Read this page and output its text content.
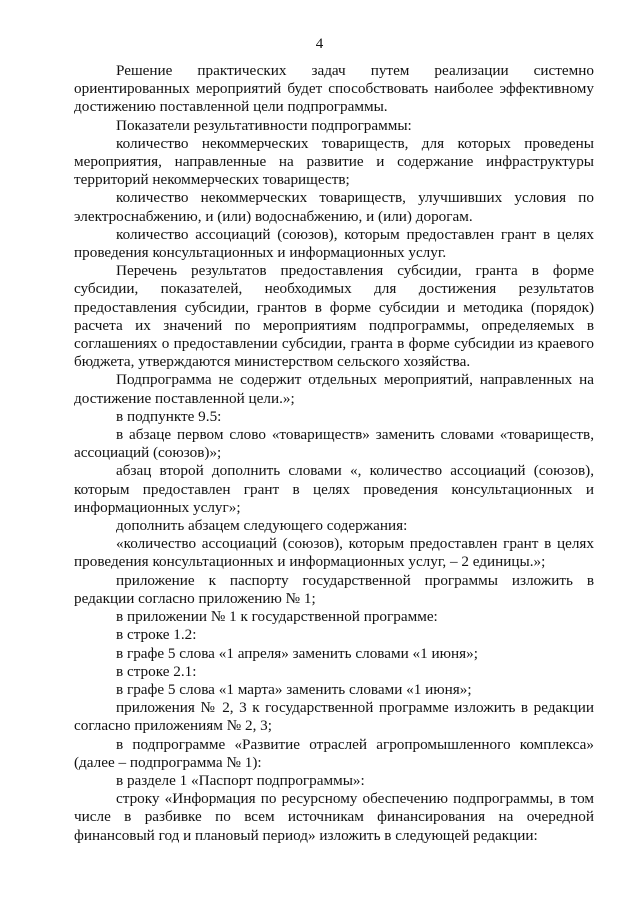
4

Решение практических задач путем реализации системно ориентированных мероприятий будет способствовать наиболее эффективному достижению поставленной цели подпрограммы.

Показатели результативности подпрограммы:

количество некоммерческих товариществ, для которых проведены мероприятия, направленные на развитие и содержание инфраструктуры территорий некоммерческих товариществ;

количество некоммерческих товариществ, улучшивших условия по электроснабжению, и (или) водоснабжению, и (или) дорогам.

количество ассоциаций (союзов), которым предоставлен грант в целях проведения консультационных и информационных услуг.

Перечень результатов предоставления субсидии, гранта в форме субсидии, показателей, необходимых для достижения результатов предоставления субсидии, грантов в форме субсидии и методика (порядок) расчета их значений по мероприятиям подпрограммы, определяемых в соглашениях о предоставлении субсидии, гранта в форме субсидии из краевого бюджета, утверждаются министерством сельского хозяйства.

Подпрограмма не содержит отдельных мероприятий, направленных на достижение поставленной цели.»;

в подпункте 9.5:

в абзаце первом слово «товариществ» заменить словами «товариществ, ассоциаций (союзов)»;

абзац второй дополнить словами «, количество ассоциаций (союзов), которым предоставлен грант в целях проведения консультационных и информационных услуг»;

дополнить абзацем следующего содержания:

«количество ассоциаций (союзов), которым предоставлен грант в целях проведения консультационных и информационных услуг, – 2 единицы.»;

приложение к паспорту государственной программы изложить в редакции согласно приложению № 1;

в приложении № 1 к государственной программе:

в строке 1.2:

в графе 5 слова «1 апреля» заменить словами «1 июня»;

в строке 2.1:

в графе 5 слова «1 марта» заменить словами «1 июня»;

приложения № 2, 3 к государственной программе изложить в редакции согласно приложениям № 2, 3;

в подпрограмме «Развитие отраслей агропромышленного комплекса» (далее – подпрограмма № 1):

в разделе 1 «Паспорт подпрограммы»:

строку «Информация по ресурсному обеспечению подпрограммы, в том числе в разбивке по всем источникам финансирования на очередной финансовый год и плановый период» изложить в следующей редакции:
